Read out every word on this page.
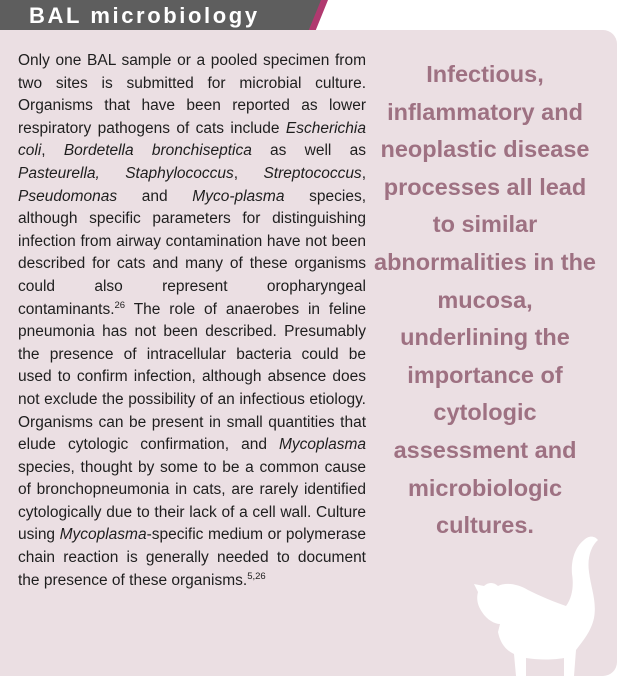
BAL microbiology
Only one BAL sample or a pooled specimen from two sites is submitted for microbial culture. Organisms that have been reported as lower respiratory pathogens of cats include Escherichia coli, Bordetella bronchiseptica as well as Pasteurella, Staphylococcus, Streptococcus, Pseudomonas and Myco-plasma species, although specific parameters for distinguishing infection from airway contamination have not been described for cats and many of these organisms could also represent oropharyngeal contaminants.$^{26}$ The role of anaerobes in feline pneumonia has not been described. Presumably the presence of intracellular bacteria could be used to confirm infection, although absence does not exclude the possibility of an infectious etiology. Organisms can be present in small quantities that elude cytologic confirmation, and Mycoplasma species, thought by some to be a common cause of bronchopneumonia in cats, are rarely identified cytologically due to their lack of a cell wall. Culture using Mycoplasma-specific medium or polymerase chain reaction is generally needed to document the presence of these organisms.$^{5,26}$
Infectious, inflammatory and neoplastic disease processes all lead to similar abnormalities in the mucosa, underlining the importance of cytologic assessment and microbiologic cultures.
